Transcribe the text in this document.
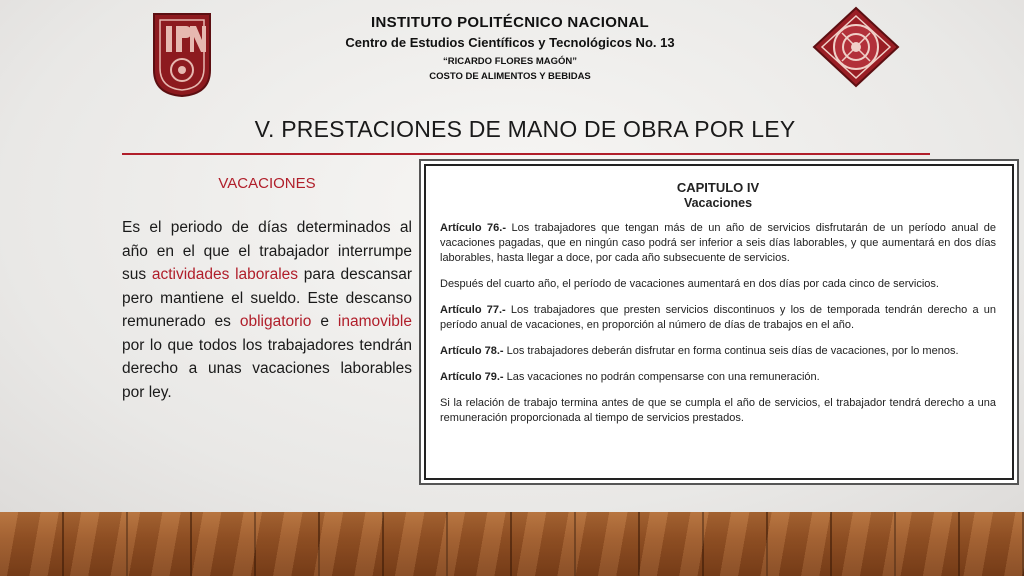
INSTITUTO POLITÉCNICO NACIONAL
Centro de Estudios Científicos y Tecnológicos No. 13
“RICARDO FLORES MAGÓN”
COSTO DE ALIMENTOS Y BEBIDAS
V. PRESTACIONES DE MANO DE OBRA POR LEY
VACACIONES
Es el periodo de días determinados al año en el que el trabajador interrumpe sus actividades laborales para descansar pero mantiene el sueldo. Este descanso remunerado es obligatorio e inamovible por lo que todos los trabajadores tendrán derecho a unas vacaciones laborables por ley.
CAPITULO IV
Vacaciones
Artículo 76.- Los trabajadores que tengan más de un año de servicios disfrutarán de un período anual de vacaciones pagadas, que en ningún caso podrá ser inferior a seis días laborables, y que aumentará en dos días laborables, hasta llegar a doce, por cada año subsecuente de servicios.
Después del cuarto año, el período de vacaciones aumentará en dos días por cada cinco de servicios.
Artículo 77.- Los trabajadores que presten servicios discontinuos y los de temporada tendrán derecho a un período anual de vacaciones, en proporción al número de días de trabajos en el año.
Artículo 78.- Los trabajadores deberán disfrutar en forma continua seis días de vacaciones, por lo menos.
Artículo 79.- Las vacaciones no podrán compensarse con una remuneración.
Si la relación de trabajo termina antes de que se cumpla el año de servicios, el trabajador tendrá derecho a una remuneración proporcionada al tiempo de servicios prestados.
